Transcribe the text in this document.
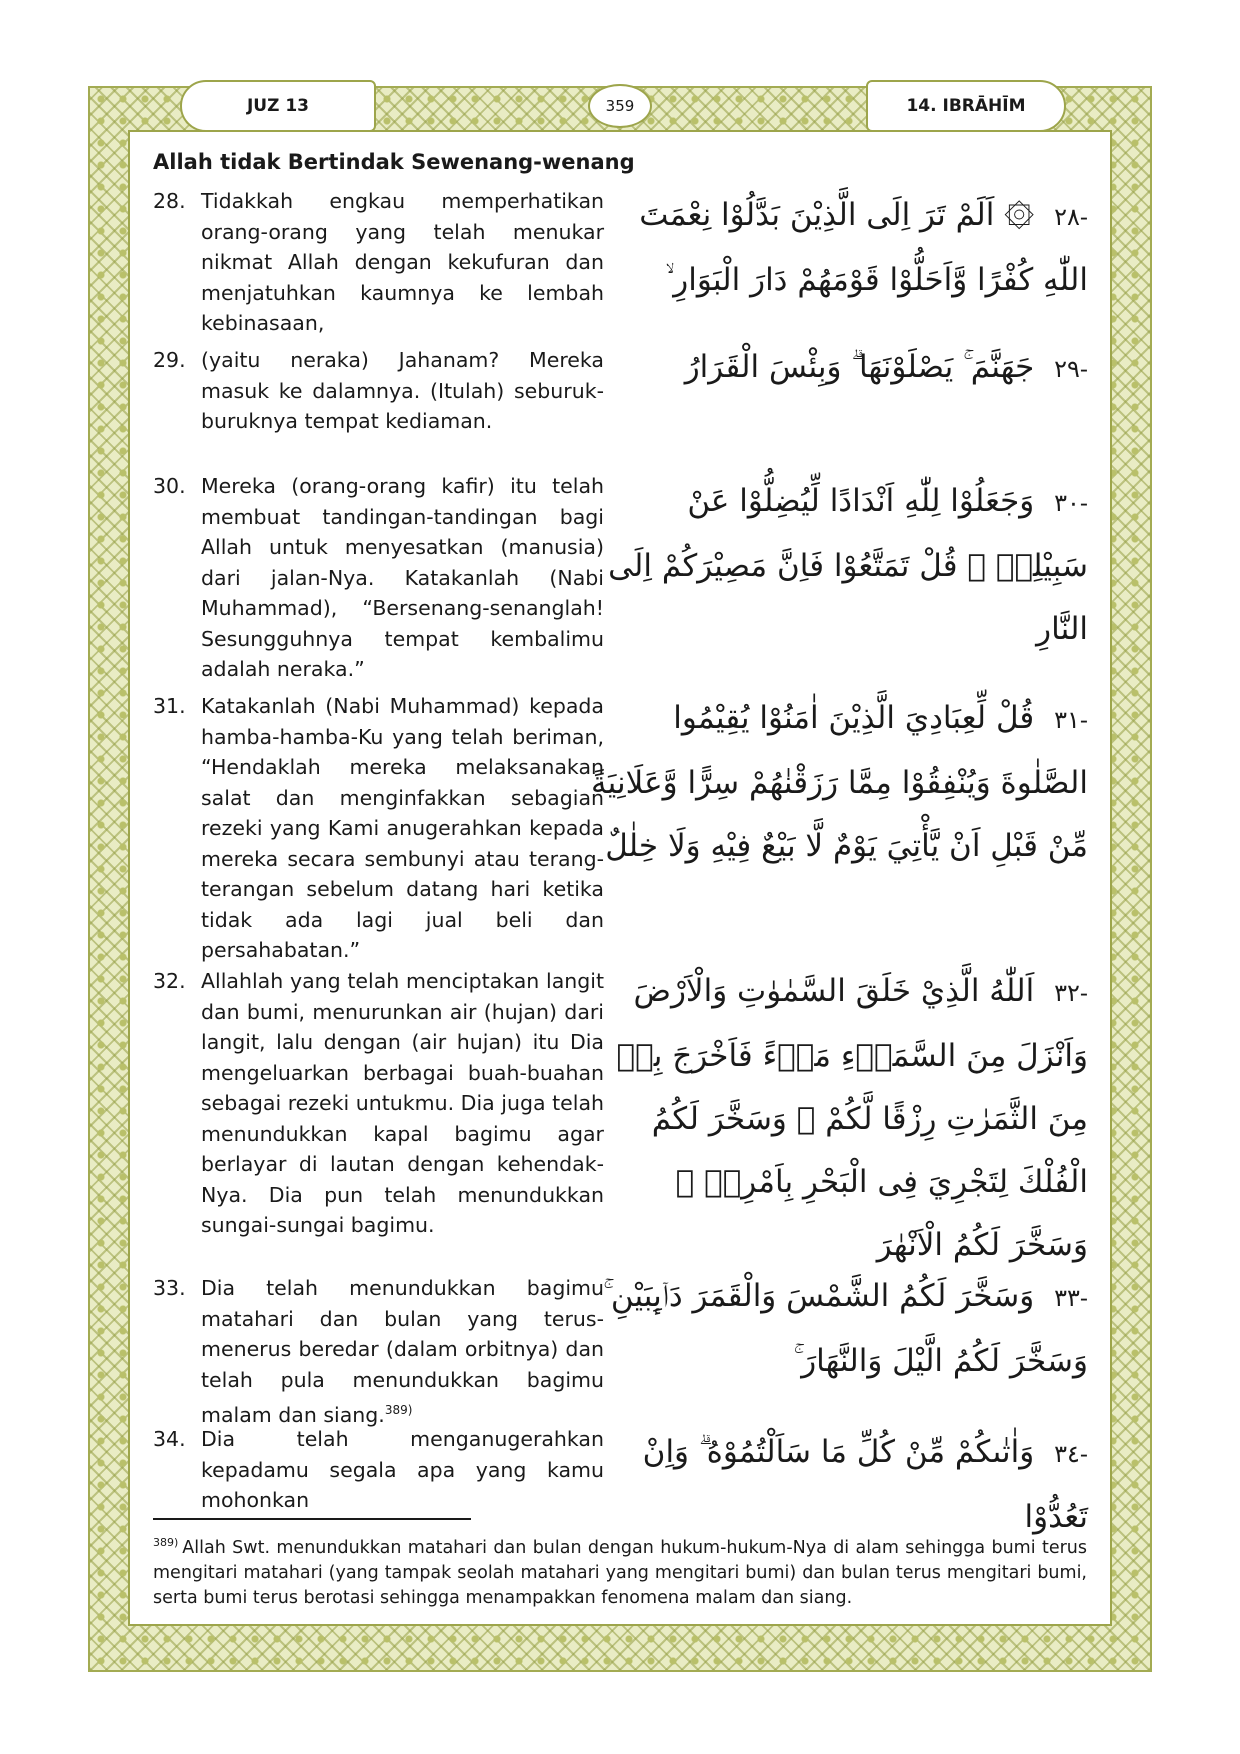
JUZ 13	359	14. IBRĀHĪM
Allah tidak Bertindak Sewenang-wenang
28. Tidakkah engkau memperhatikan orang-orang yang telah menukar nikmat Allah dengan kekufuran dan menjatuhkan kaumnya ke lembah kebinasaan,
-٢٨ ۞ اَلَمْ تَرَ اِلَى الَّذِيْنَ بَدَّلُوْا نِعْمَتَ اللّٰهِ كُفْرًا وَّاَحَلُّوْا قَوْمَهُمْ دَارَ الْبَوَارِ ۙ
29. (yaitu neraka) Jahanam? Mereka masuk ke dalamnya. (Itulah) seburuk-buruknya tempat kediaman.
-٢٩ جَهَنَّمَ ۚ يَصْلَوْنَهَا ۗ وَبِئْسَ الْقَرَارُ
30. Mereka (orang-orang kafir) itu telah membuat tandingan-tandingan bagi Allah untuk menyesatkan (manusia) dari jalan-Nya. Katakanlah (Nabi Muhammad), “Bersenang-senanglah! Sesungguhnya tempat kembalimu adalah neraka.”
-٣٠ وَجَعَلُوْا لِلّٰهِ اَنْدَادًا لِّيُضِلُّوْا عَنْ سَبِيْلِهٖ ۗ قُلْ تَمَتَّعُوْا فَاِنَّ مَصِيْرَكُمْ اِلَى النَّارِ
31. Katakanlah (Nabi Muhammad) kepada hamba-hamba-Ku yang telah beriman, “Hendaklah mereka melaksanakan salat dan menginfakkan sebagian rezeki yang Kami anugerahkan kepada mereka secara sembunyi atau terang-terangan sebelum datang hari ketika tidak ada lagi jual beli dan persahabatan.”
-٣١ قُلْ لِّعِبَادِيَ الَّذِيْنَ اٰمَنُوْا يُقِيْمُوا الصَّلٰوةَ وَيُنْفِقُوْا مِمَّا رَزَقْنٰهُمْ سِرًّا وَّعَلَانِيَةً مِّنْ قَبْلِ اَنْ يَّأْتِيَ يَوْمٌ لَّا بَيْعٌ فِيْهِ وَلَا خِلٰلٌ
32. Allahlah yang telah menciptakan langit dan bumi, menurunkan air (hujan) dari langit, lalu dengan (air hujan) itu Dia mengeluarkan berbagai buah-buahan sebagai rezeki untukmu. Dia juga telah menundukkan kapal bagimu agar berlayar di lautan dengan kehendak-Nya. Dia pun telah menundukkan sungai-sungai bagimu.
-٣٢ اَللّٰهُ الَّذِيْ خَلَقَ السَّمٰوٰتِ وَالْاَرْضَ وَاَنْزَلَ مِنَ السَّمَاۤءِ مَاۤءً فَاَخْرَجَ بِهٖ مِنَ الثَّمَرٰتِ رِزْقًا لَّكُمْ ۚ وَسَخَّرَ لَكُمُ الْفُلْكَ لِتَجْرِيَ فِى الْبَحْرِ بِاَمْرِهٖ ۚ وَسَخَّرَ لَكُمُ الْاَنْهٰرَ
33. Dia telah menundukkan bagimu matahari dan bulan yang terus-menerus beredar (dalam orbitnya) dan telah pula menundukkan bagimu malam dan siang.$^{389)}$
-٣٣ وَسَخَّرَ لَكُمُ الشَّمْسَ وَالْقَمَرَ دَاۤىِٕبَيْنِ ۚ وَسَخَّرَ لَكُمُ الَّيْلَ وَالنَّهَارَ ۚ
34. Dia telah menganugerahkan kepadamu segala apa yang kamu mohonkan
-٣٤ وَاٰتٰىكُمْ مِّنْ كُلِّ مَا سَاَلْتُمُوْهُ ۗ وَاِنْ تَعُدُّوْا
$^{389)}$ Allah Swt. menundukkan matahari dan bulan dengan hukum-hukum-Nya di alam sehingga bumi terus mengitari matahari (yang tampak seolah matahari yang mengitari bumi) dan bulan terus mengitari bumi, serta bumi terus berotasi sehingga menampakkan fenomena malam dan siang.
